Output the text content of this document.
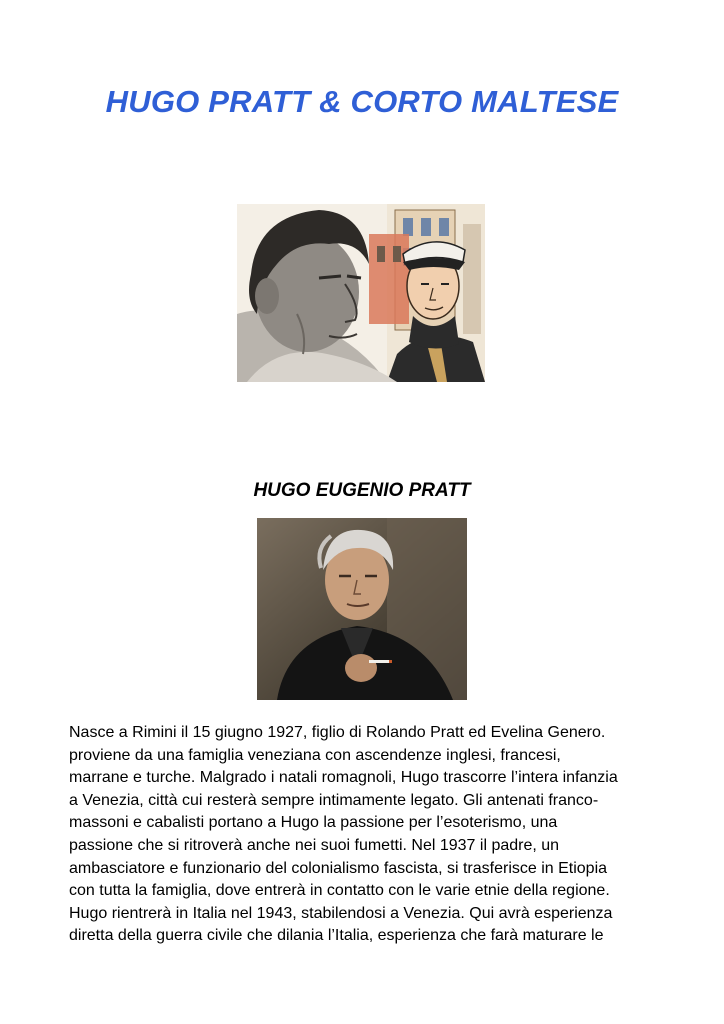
HUGO PRATT & CORTO MALTESE
HUGO EUGENIO PRATT
Nasce a Rimini il 15 giugno 1927, figlio di Rolando Pratt ed Evelina Genero.
proviene da una famiglia veneziana con ascendenze inglesi, francesi,
marrane e turche. Malgrado i natali romagnoli, Hugo trascorre l’intera infanzia
a Venezia, città cui resterà sempre intimamente legato. Gli antenati franco-
massoni e cabalisti portano a Hugo la passione per l’esoterismo, una
passione che si ritroverà anche nei suoi fumetti. Nel 1937 il padre, un
ambasciatore e funzionario del colonialismo fascista, si trasferisce in Etiopia
con tutta la famiglia, dove entrerà in contatto con le varie etnie della regione.
Hugo rientrerà in Italia nel 1943, stabilendosi a Venezia. Qui avrà esperienza
diretta della guerra civile che dilania l’Italia, esperienza che farà maturare le
